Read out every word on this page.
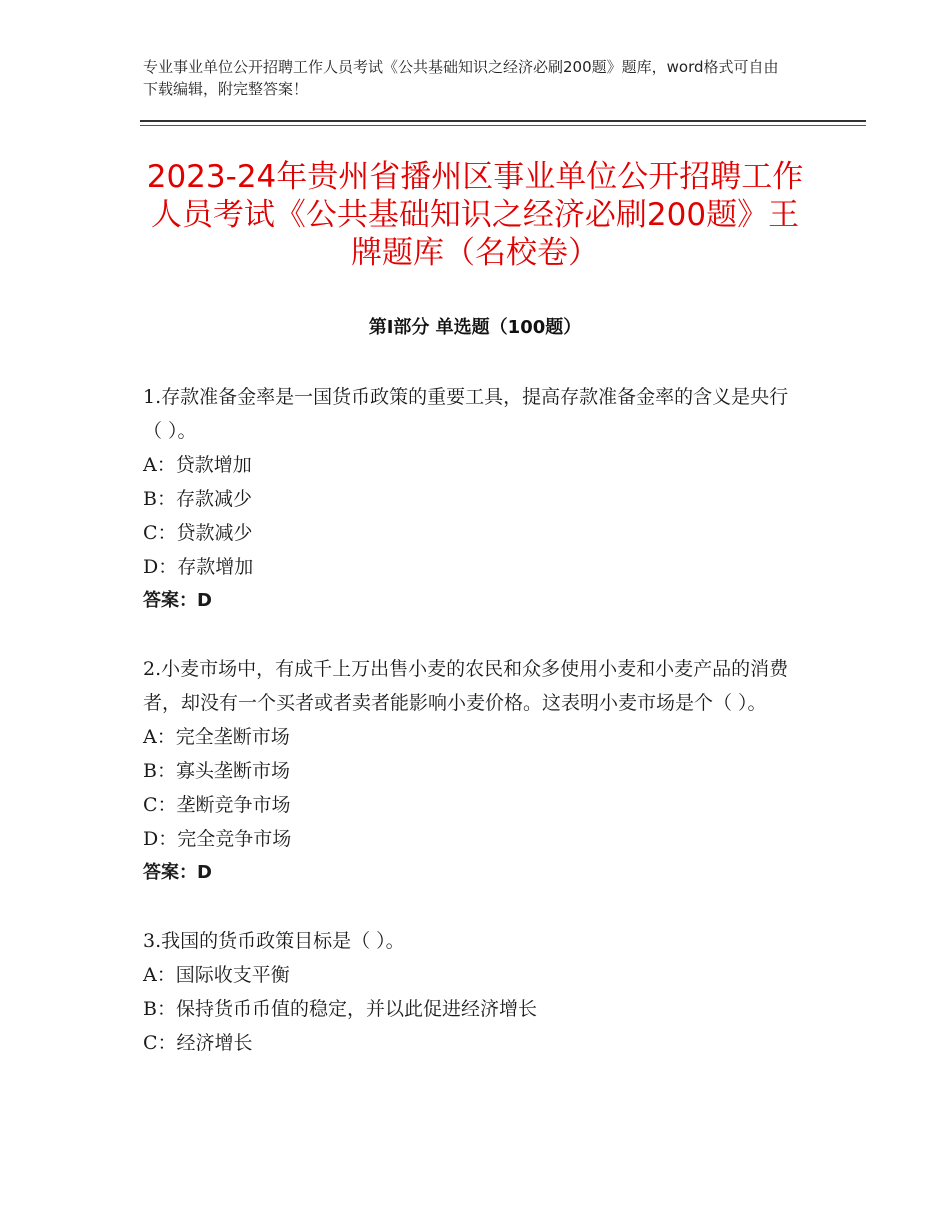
专业事业单位公开招聘工作人员考试《公共基础知识之经济必刷200题》题库，word格式可自由下载编辑，附完整答案！
2023-24年贵州省播州区事业单位公开招聘工作人员考试《公共基础知识之经济必刷200题》王牌题库（名校卷）
第Ⅰ部分 单选题（100题）

1.存款准备金率是一国货币政策的重要工具，提高存款准备金率的含义是央行（ ）。

A：贷款增加

B：存款减少

C：贷款减少

D：存款增加

答案：D

2.小麦市场中，有成千上万出售小麦的农民和众多使用小麦和小麦产品的消费者，却没有一个买者或者卖者能影响小麦价格。这表明小麦市场是个（ ）。

A：完全垄断市场

B：寡头垄断市场

C：垄断竞争市场

D：完全竞争市场

答案：D

3.我国的货币政策目标是（ ）。

A：国际收支平衡

B：保持货币币值的稳定，并以此促进经济增长

C：经济增长
